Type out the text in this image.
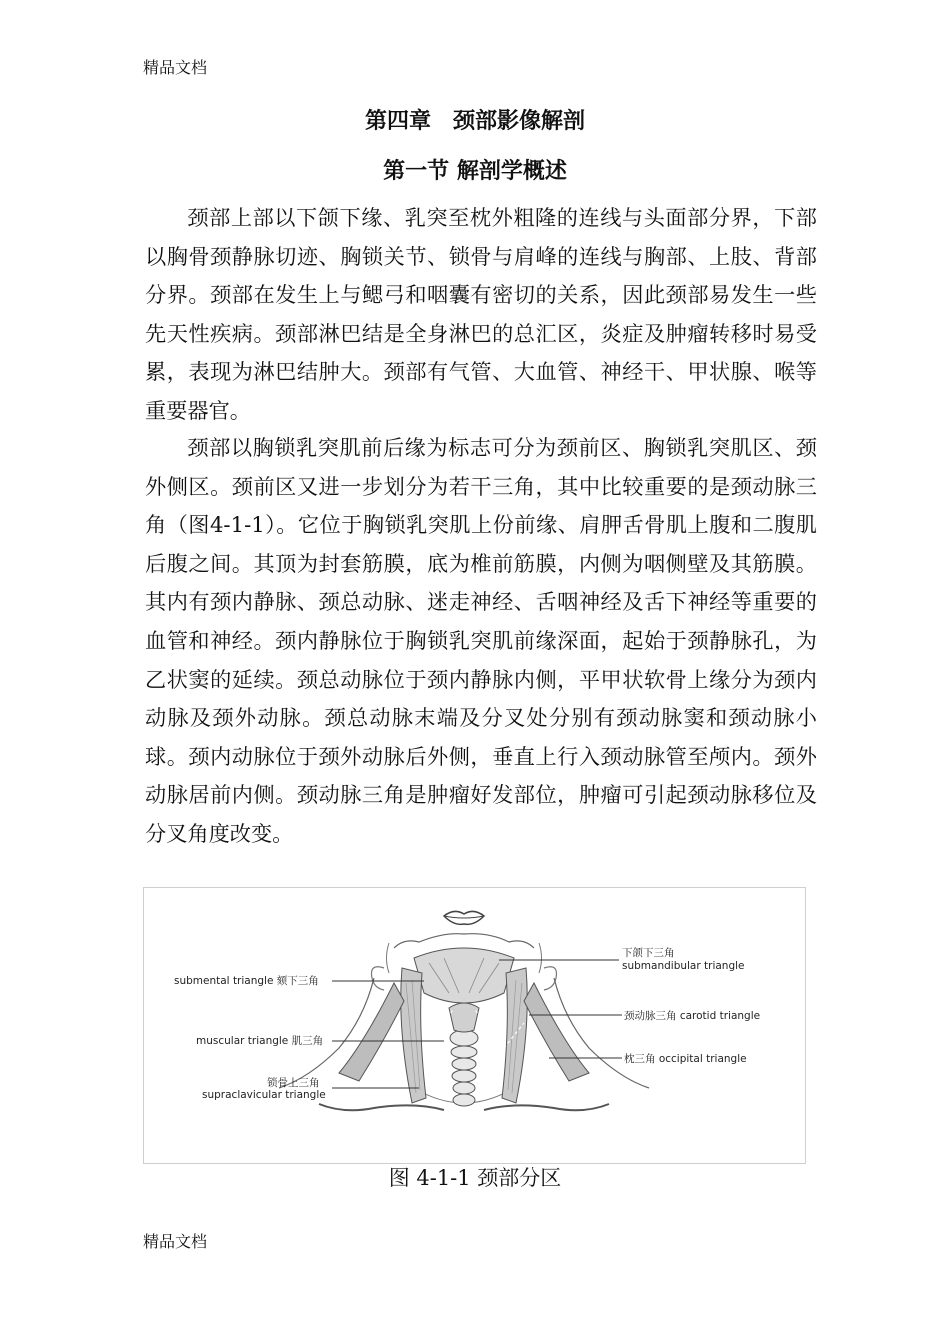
精品文档
第四章　颈部影像解剖
第一节 解剖学概述

颈部上部以下颌下缘、乳突至枕外粗隆的连线与头面部分界，下部以胸骨颈静脉切迹、胸锁关节、锁骨与肩峰的连线与胸部、上肢、背部分界。颈部在发生上与鳃弓和咽囊有密切的关系，因此颈部易发生一些先天性疾病。颈部淋巴结是全身淋巴的总汇区，炎症及肿瘤转移时易受累，表现为淋巴结肿大。颈部有气管、大血管、神经干、甲状腺、喉等重要器官。

颈部以胸锁乳突肌前后缘为标志可分为颈前区、胸锁乳突肌区、颈外侧区。颈前区又进一步划分为若干三角，其中比较重要的是颈动脉三角（图4-1-1）。它位于胸锁乳突肌上份前缘、肩胛舌骨肌上腹和二腹肌后腹之间。其顶为封套筋膜，底为椎前筋膜，内侧为咽侧壁及其筋膜。其内有颈内静脉、颈总动脉、迷走神经、舌咽神经及舌下神经等重要的血管和神经。颈内静脉位于胸锁乳突肌前缘深面，起始于颈静脉孔，为乙状窦的延续。颈总动脉位于颈内静脉内侧，平甲状软骨上缘分为颈内动脉及颈外动脉。颈总动脉末端及分叉处分别有颈动脉窦和颈动脉小球。颈内动脉位于颈外动脉后外侧，垂直上行入颈动脉管至颅内。颈外动脉居前内侧。颈动脉三角是肿瘤好发部位，肿瘤可引起颈动脉移位及分叉角度改变。

submental triangle 颏下三角
muscular triangle 肌三角
锁骨上三角
supraclavicular triangle
下颌下三角
submandibular triangle
颈动脉三角 carotid triangle
枕三角 occipital triangle
图 4-1-1 颈部分区
精品文档
